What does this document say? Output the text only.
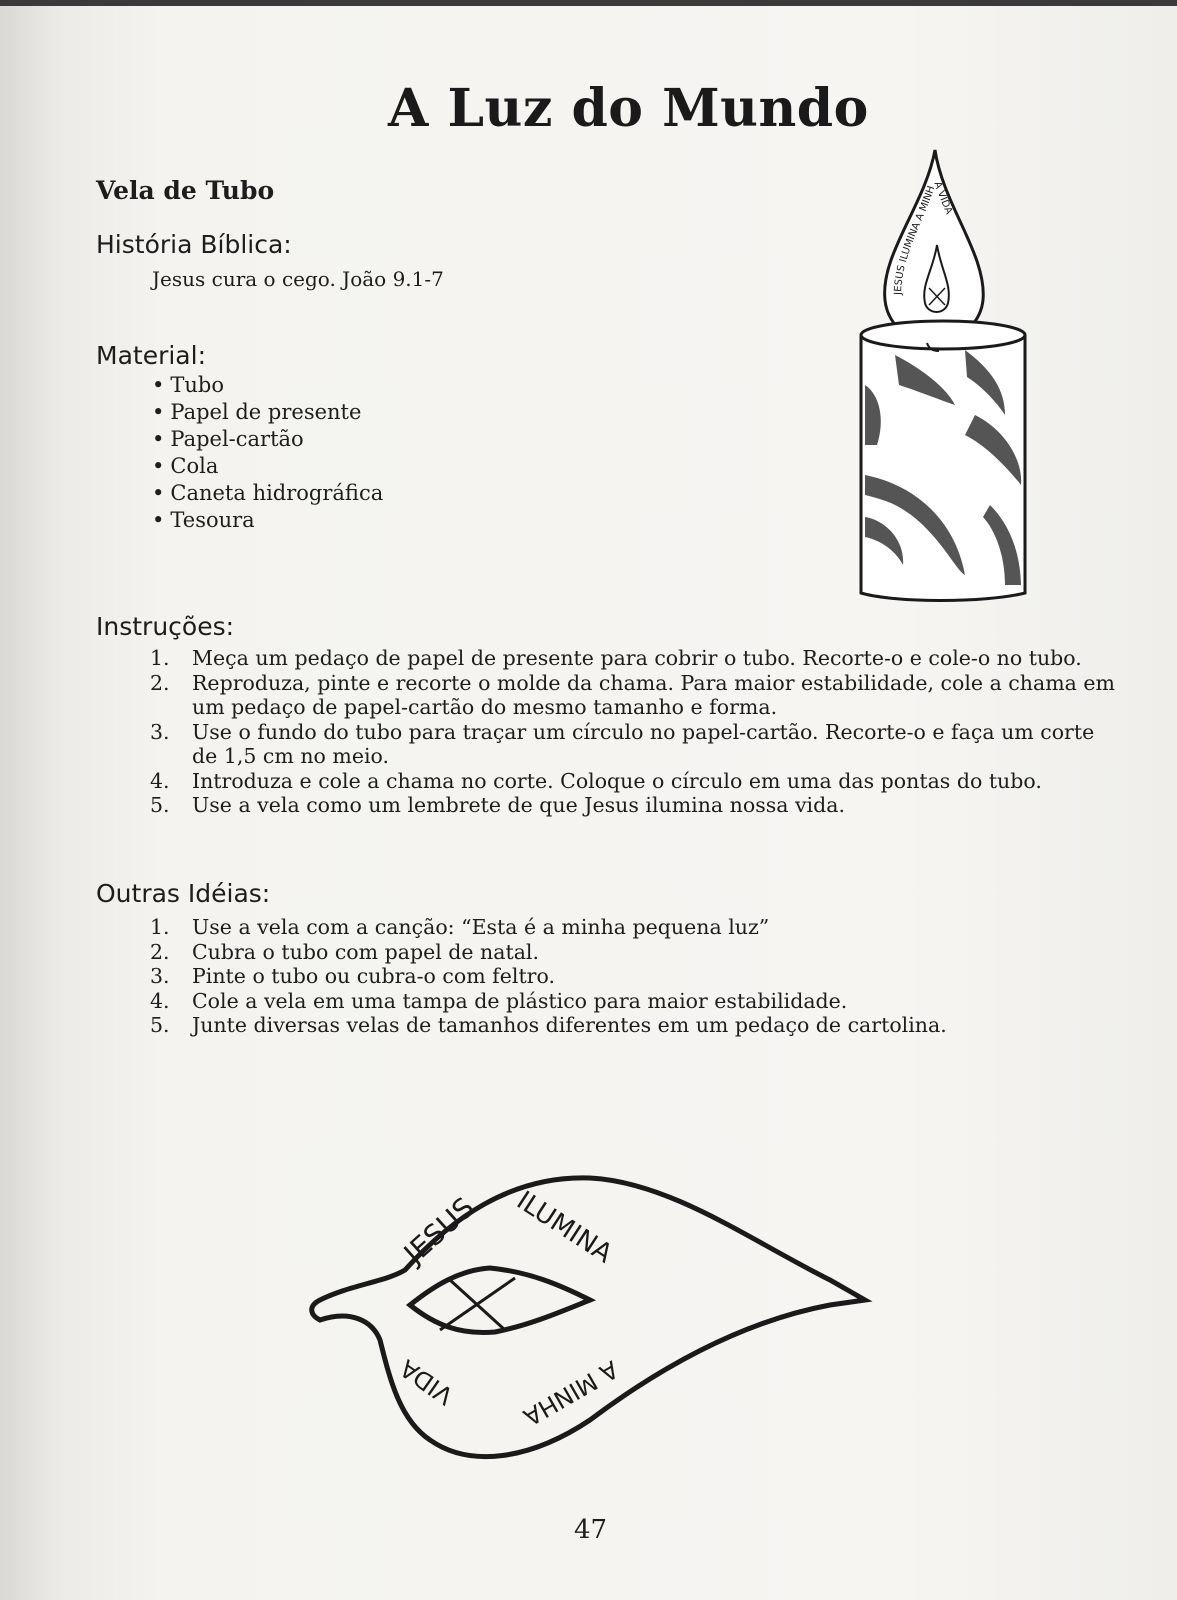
A Luz do Mundo
Vela de Tubo
História Bíblica:
Jesus cura o cego. João 9.1-7
Material:
• Tubo
• Papel de presente
• Papel-cartão
• Cola
• Caneta hidrográfica
• Tesoura
JESUS ILUMINA A MINHA VIDA
Instruções:
1. Meça um pedaço de papel de presente para cobrir o tubo. Recorte-o e cole-o no tubo.
2. Reproduza, pinte e recorte o molde da chama. Para maior estabilidade, cole a chama em um pedaço de papel-cartão do mesmo tamanho e forma.
3. Use o fundo do tubo para traçar um círculo no papel-cartão. Recorte-o e faça um corte de 1,5 cm no meio.
4. Introduza e cole a chama no corte. Coloque o círculo em uma das pontas do tubo.
5. Use a vela como um lembrete de que Jesus ilumina nossa vida.
Outras Idéias:
1. Use a vela com a canção: “Esta é a minha pequena luz”
2. Cubra o tubo com papel de natal.
3. Pinte o tubo ou cubra-o com feltro.
4. Cole a vela em uma tampa de plástico para maior estabilidade.
5. Junte diversas velas de tamanhos diferentes em um pedaço de cartolina.
JESUS ILUMINA
A MINHA
VIDA
47
